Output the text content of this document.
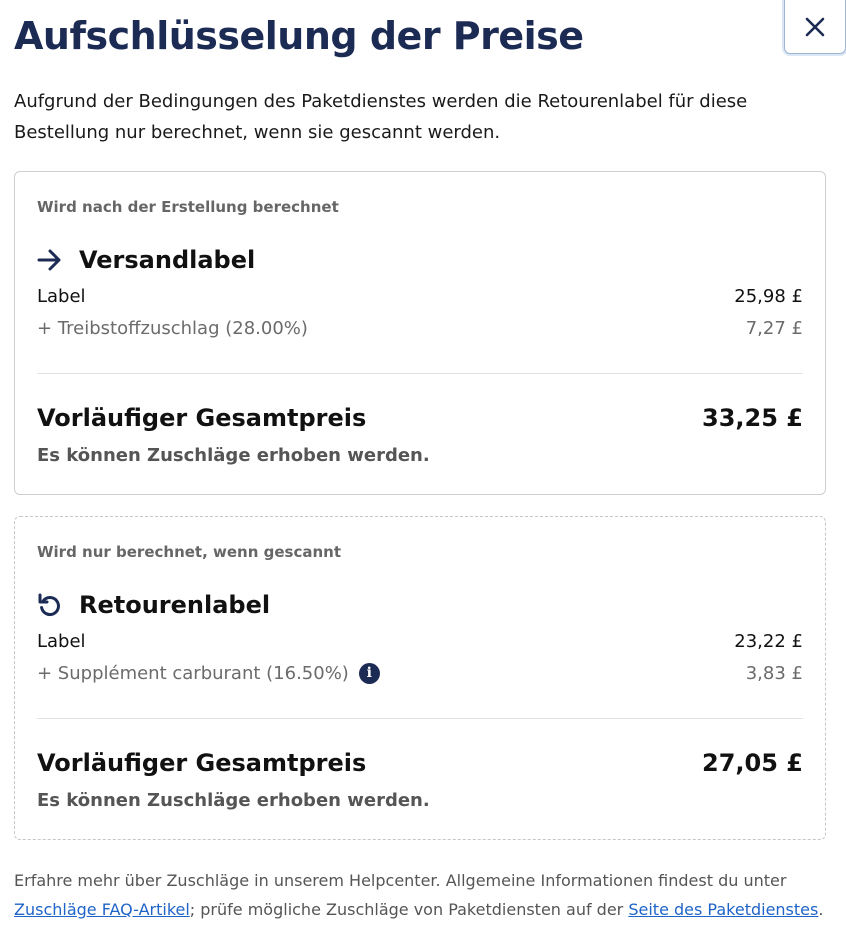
Aufschlüsselung der Preise

Aufgrund der Bedingungen des Paketdienstes werden die Retourenlabel für diese Bestellung nur berechnet, wenn sie gescannt werden.

Wird nach der Erstellung berechnet
Versandlabel
Label	25,98 £
+ Treibstoffzuschlag (28.00%)	7,27 £
Vorläufiger Gesamtpreis	33,25 £
Es können Zuschläge erhoben werden.
Wird nur berechnet, wenn gescannt
Retourenlabel
Label	23,22 £
+ Supplément carburant (16.50%)	i	3,83 £
Vorläufiger Gesamtpreis	27,05 £
Es können Zuschläge erhoben werden.

Erfahre mehr über Zuschläge in unserem Helpcenter. Allgemeine Informationen findest du unter Zuschläge FAQ-Artikel; prüfe mögliche Zuschläge von Paketdiensten auf der Seite des Paketdienstes.
